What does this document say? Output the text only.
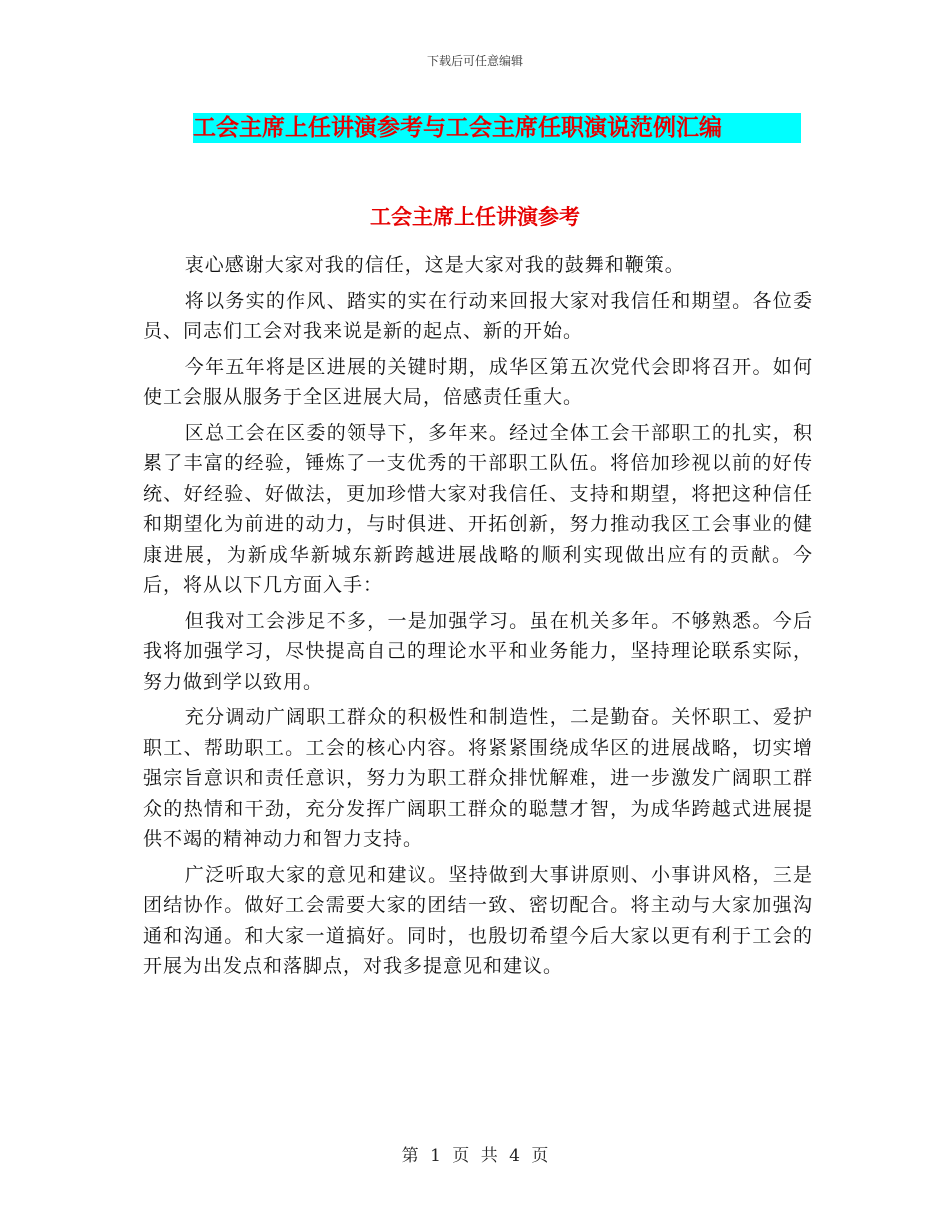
下载后可任意编辑
工会主席上任讲演参考与工会主席任职演说范例汇编
工会主席上任讲演参考

衷心感谢大家对我的信任，这是大家对我的鼓舞和鞭策。

将以务实的作风、踏实的实在行动来回报大家对我信任和期望。各位委员、同志们工会对我来说是新的起点、新的开始。

今年五年将是区进展的关键时期，成华区第五次党代会即将召开。如何使工会服从服务于全区进展大局，倍感责任重大。

区总工会在区委的领导下，多年来。经过全体工会干部职工的扎实，积累了丰富的经验，锤炼了一支优秀的干部职工队伍。将倍加珍视以前的好传统、好经验、好做法，更加珍惜大家对我信任、支持和期望，将把这种信任和期望化为前进的动力，与时俱进、开拓创新，努力推动我区工会事业的健康进展，为新成华新城东新跨越进展战略的顺利实现做出应有的贡献。今后，将从以下几方面入手：

但我对工会涉足不多，一是加强学习。虽在机关多年。不够熟悉。今后我将加强学习，尽快提高自己的理论水平和业务能力，坚持理论联系实际，努力做到学以致用。

充分调动广阔职工群众的积极性和制造性，二是勤奋。关怀职工、爱护职工、帮助职工。工会的核心内容。将紧紧围绕成华区的进展战略，切实增强宗旨意识和责任意识，努力为职工群众排忧解难，进一步激发广阔职工群众的热情和干劲，充分发挥广阔职工群众的聪慧才智，为成华跨越式进展提供不竭的精神动力和智力支持。

广泛听取大家的意见和建议。坚持做到大事讲原则、小事讲风格，三是团结协作。做好工会需要大家的团结一致、密切配合。将主动与大家加强沟通和沟通。和大家一道搞好。同时，也殷切希望今后大家以更有利于工会的开展为出发点和落脚点，对我多提意见和建议。

第 1 页 共 4 页
